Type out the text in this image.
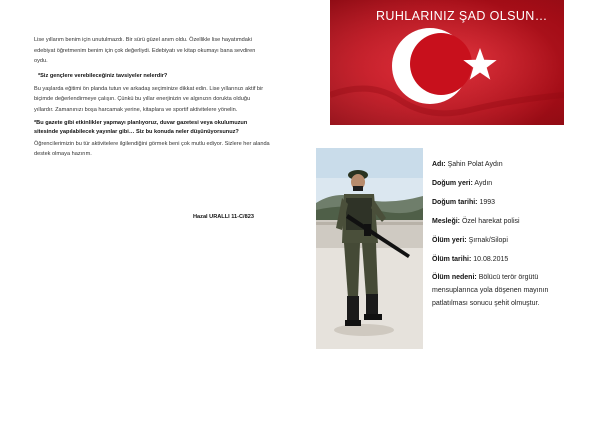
Lise yıllarım benim için unutulmazdı. Bir sürü güzel anım oldu. Özellikle lise hayatımdaki edebiyat öğretmenim benim için çok değerliydi. Edebiyatı ve kitap okumayı bana sevdiren oydu.

*Siz gençlere verebileceğiniz tavsiyeler nelerdir?

Bu yaşlarda eğitimi ön planda tutun ve arkadaş seçiminize dikkat edin. Lise yıllarınızı aktif bir biçimde değerlendirmeye çalışın. Çünkü bu yıllar enerjinizin ve algınızın dorukta olduğu yıllardır. Zamanınızı boşa harcamak yerine, kitaplara ve sportif aktivitelere yönelin.

*Bu gazete gibi etkinlikler yapmayı planlıyoruz, duvar gazetesi veya okulumuzun sitesinde yapılabilecek yayınlar gibi… Siz bu konuda neler düşünüyorsunuz?

Öğrencilerimizin bu tür aktivitelere ilgilendiğini görmek beni çok mutlu ediyor. Sizlere her alanda destek olmaya hazırım.

Hazal URALLI 11-C/823
RUHLARINIZ ŞAD OLSUN…

Adı: Şahin Polat Aydın

Doğum yeri: Aydın

Doğum tarihi: 1993

Mesleği: Özel harekat polisi

Ölüm yeri: Şırnak/Silopi

Ölüm tarihi: 10.08.2015

Ölüm nedeni: Bölücü terör örgütü mensuplarınca yola döşenen mayının patlatılması sonucu şehit olmuştur.
